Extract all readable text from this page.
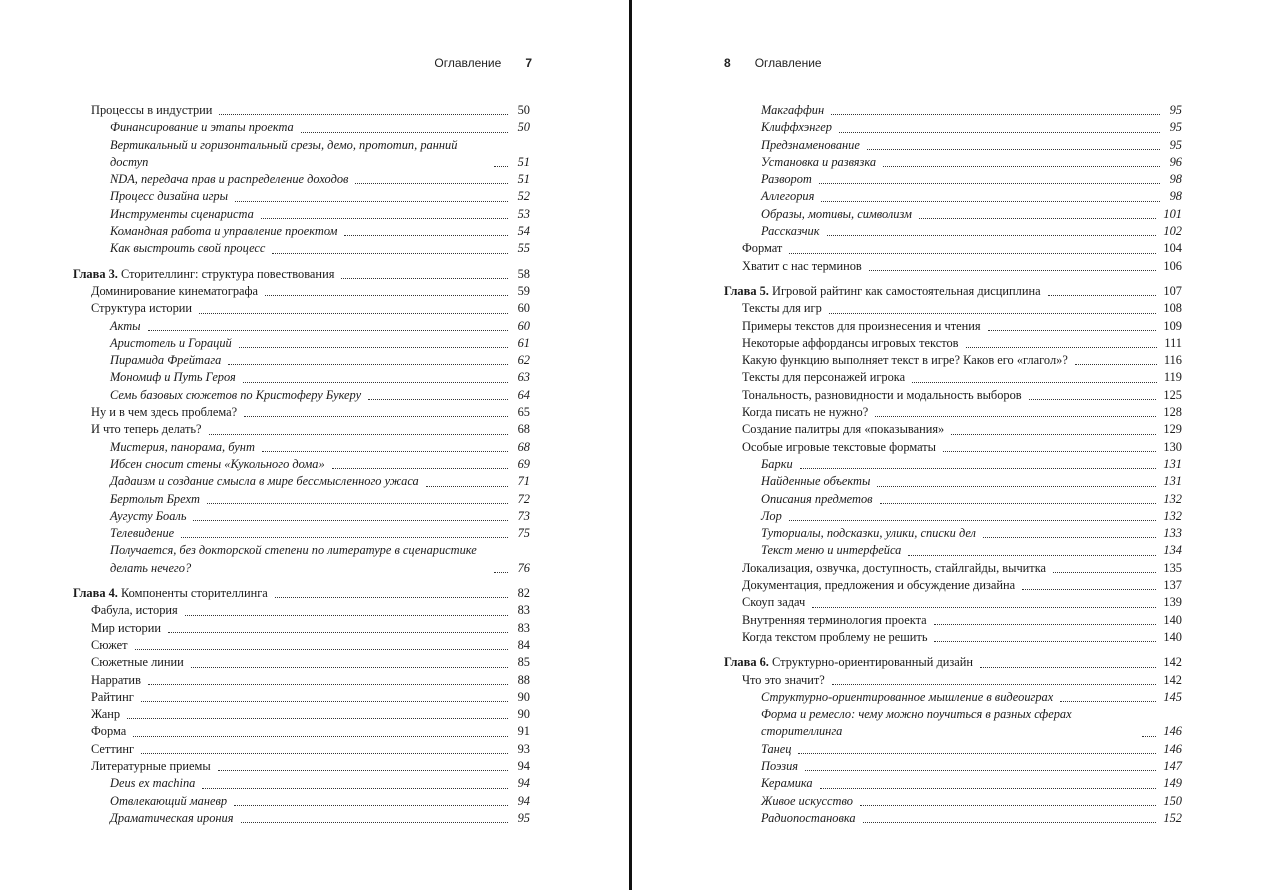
Оглавление 7
Процессы в индустрии	50
Финансирование и этапы проекта	50
Вертикальный и горизонтальный срезы, демо, прототип, ранний доступ	51
NDA, передача прав и распределение доходов	51
Процесс дизайна игры	52
Инструменты сценариста	53
Командная работа и управление проектом	54
Как выстроить свой процесс	55
Глава 3. Сторителлинг: структура повествования	58
Доминирование кинематографа	59
Структура истории	60
Акты	60
Аристотель и Гораций	61
Пирамида Фрейтага	62
Мономиф и Путь Героя	63
Семь базовых сюжетов по Кристоферу Букеру	64
Ну и в чем здесь проблема?	65
И что теперь делать?	68
Мистерия, панорама, бунт	68
Ибсен сносит стены «Кукольного дома»	69
Дадаизм и создание смысла в мире бессмысленного ужаса	71
Бертольт Брехт	72
Аугусту Боаль	73
Телевидение	75
Получается, без докторской степени по литературе в сценаристике делать нечего?	76
Глава 4. Компоненты сторителлинга	82
Фабула, история	83
Мир истории	83
Сюжет	84
Сюжетные линии	85
Нарратив	88
Райтинг	90
Жанр	90
Форма	91
Сеттинг	93
Литературные приемы	94
Deus ex machina	94
Отвлекающий маневр	94
Драматическая ирония	95
8 Оглавление
Макгаффин	95
Клиффхэнгер	95
Предзнаменование	95
Установка и развязка	96
Разворот	98
Аллегория	98
Образы, мотивы, символизм	101
Рассказчик	102
Формат	104
Хватит с нас терминов	106
Глава 5. Игровой райтинг как самостоятельная дисциплина	107
Тексты для игр	108
Примеры текстов для произнесения и чтения	109
Некоторые аффордансы игровых текстов	111
Какую функцию выполняет текст в игре? Каков его «глагол»?	116
Тексты для персонажей игрока	119
Тональность, разновидности и модальность выборов	125
Когда писать не нужно?	128
Создание палитры для «показывания»	129
Особые игровые текстовые форматы	130
Барки	131
Найденные объекты	131
Описания предметов	132
Лор	132
Туториалы, подсказки, улики, списки дел	133
Текст меню и интерфейса	134
Локализация, озвучка, доступность, стайлгайды, вычитка	135
Документация, предложения и обсуждение дизайна	137
Скоуп задач	139
Внутренняя терминология проекта	140
Когда текстом проблему не решить	140
Глава 6. Структурно-ориентированный дизайн	142
Что это значит?	142
Структурно-ориентированное мышление в видеоиграх	145
Форма и ремесло: чему можно поучиться в разных сферах сторителлинга	146
Танец	146
Поэзия	147
Керамика	149
Живое искусство	150
Радиопостановка	152
